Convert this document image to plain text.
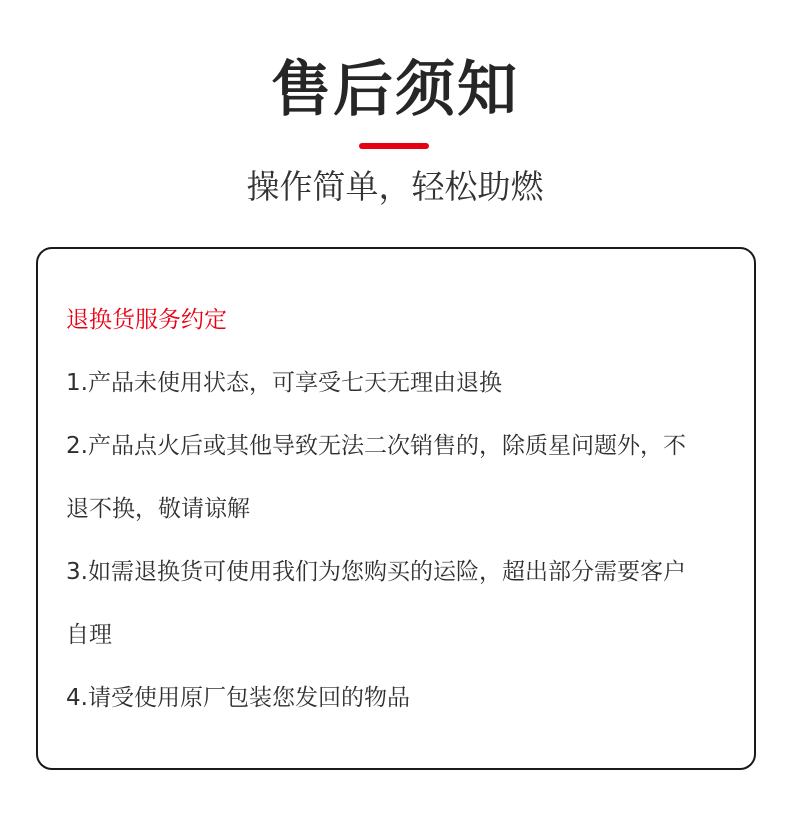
售后须知
操作简单，轻松助燃
退换货服务约定
1.产品未使用状态，可享受七天无理由退换
2.产品点火后或其他导致无法二次销售的，除质星问题外，不
退不换，敬请谅解
3.如需退换货可使用我们为您购买的运险，超出部分需要客户
自理
4.请受使用原厂包装您发回的物品
